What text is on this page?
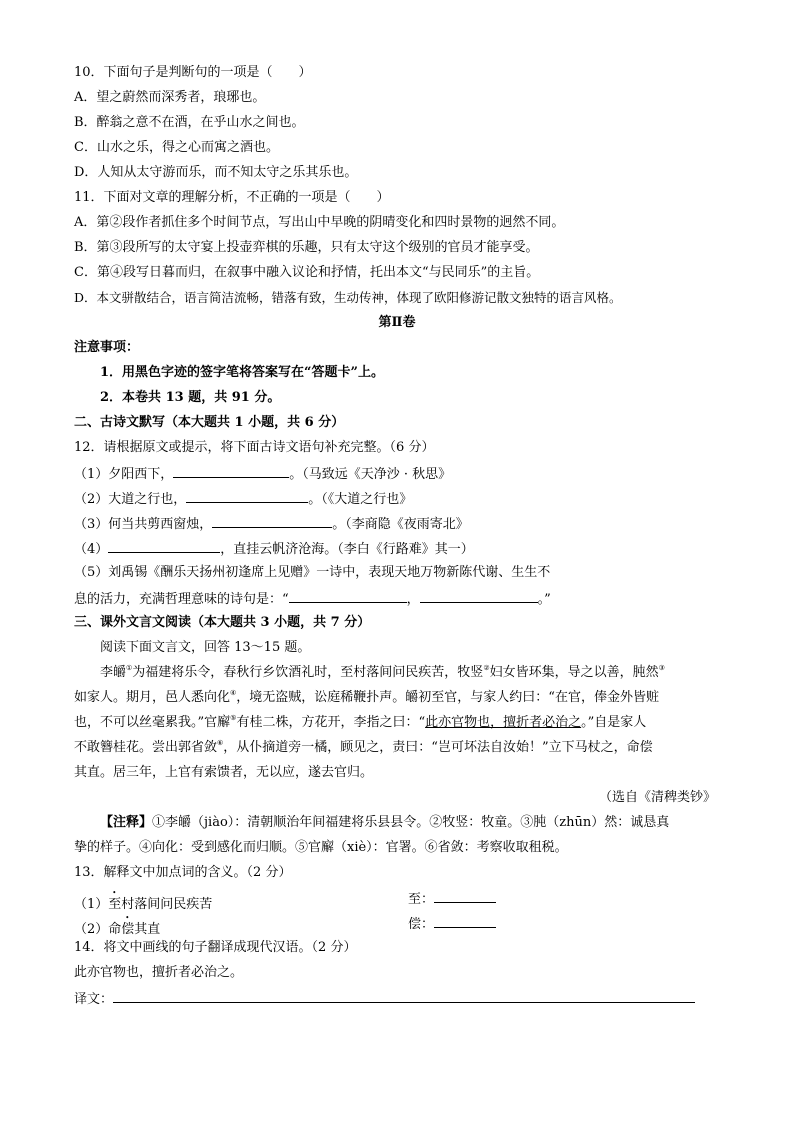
10．下面句子是判断句的一项是（　　）
A．望之蔚然而深秀者，琅琊也。
B．醉翁之意不在酒，在乎山水之间也。
C．山水之乐，得之心而寓之酒也。
D．人知从太守游而乐，而不知太守之乐其乐也。
11．下面对文章的理解分析，不正确的一项是（　　）
A．第②段作者抓住多个时间节点，写出山中早晚的阴晴变化和四时景物的迥然不同。
B．第③段所写的太守宴上投壶弈棋的乐趣，只有太守这个级别的官员才能享受。
C．第④段写日暮而归，在叙事中融入议论和抒情，托出本文“与民同乐”的主旨。
D．本文骈散结合，语言简洁流畅，错落有致，生动传神，体现了欧阳修游记散文独特的语言风格。
第Ⅱ卷
注意事项：
1．用黑色字迹的签字笔将答案写在“答题卡”上。
2．本卷共 13 题，共 91 分。
二、古诗文默写（本大题共 1 小题，共 6 分）
12．请根据原文或提示，将下面古诗文语句补充完整。（6 分）
（1）夕阳西下，	。（马致远《天净沙 · 秋思》
（2）大道之行也，	。（《大道之行也》
（3）何当共剪西窗烛，	。（李商隐《夜雨寄北》
（4）	，直挂云帆济沧海。（李白《行路难》其一）
（5）刘禹锡《酬乐天扬州初逢席上见赠》一诗中，表现天地万物新陈代谢、生生不
息的活力，充满哲理意味的诗句是：“	，	。”
三、课外文言文阅读（本大题共 3 小题，共 7 分）
阅读下面文言文，回答 13～15 题。
李皭①为福建将乐令，春秋行乡饮酒礼时，至村落间问民疾苦，牧竖②妇女皆环集，导之以善，肫然③
如家人。期月，邑人悉向化④，境无盗贼，讼庭稀鞭扑声。皭初至官，与家人约曰：“在官，俸金外皆赃
也，不可以丝毫累我。”官廨⑤有桂二株，方花开，李指之曰：“此亦官物也，擅折者必治之。”自是家人
不敢簪桂花。尝出郭省敛⑥，从仆摘道旁一橘，顾见之，责曰：“岂可坏法自汝始！”立下马杖之，命偿
其直。居三年，上官有索馈者，无以应，遂去官归。
（选自《清稗类钞》
【注释】①李皭（jiào）：清朝顺治年间福建将乐县县令。②牧竖：牧童。③肫（zhūn）然：诚恳真
挚的样子。④向化：受到感化而归顺。⑤官廨（xiè）：官署。⑥省敛：考察收取租税。
13．解释文中加点词的含义。（2 分）
（1）至村落间问民疾苦	至：
（2）命偿其直	偿：
14．将文中画线的句子翻译成现代汉语。（2 分）
此亦官物也，擅折者必治之。
译文：
